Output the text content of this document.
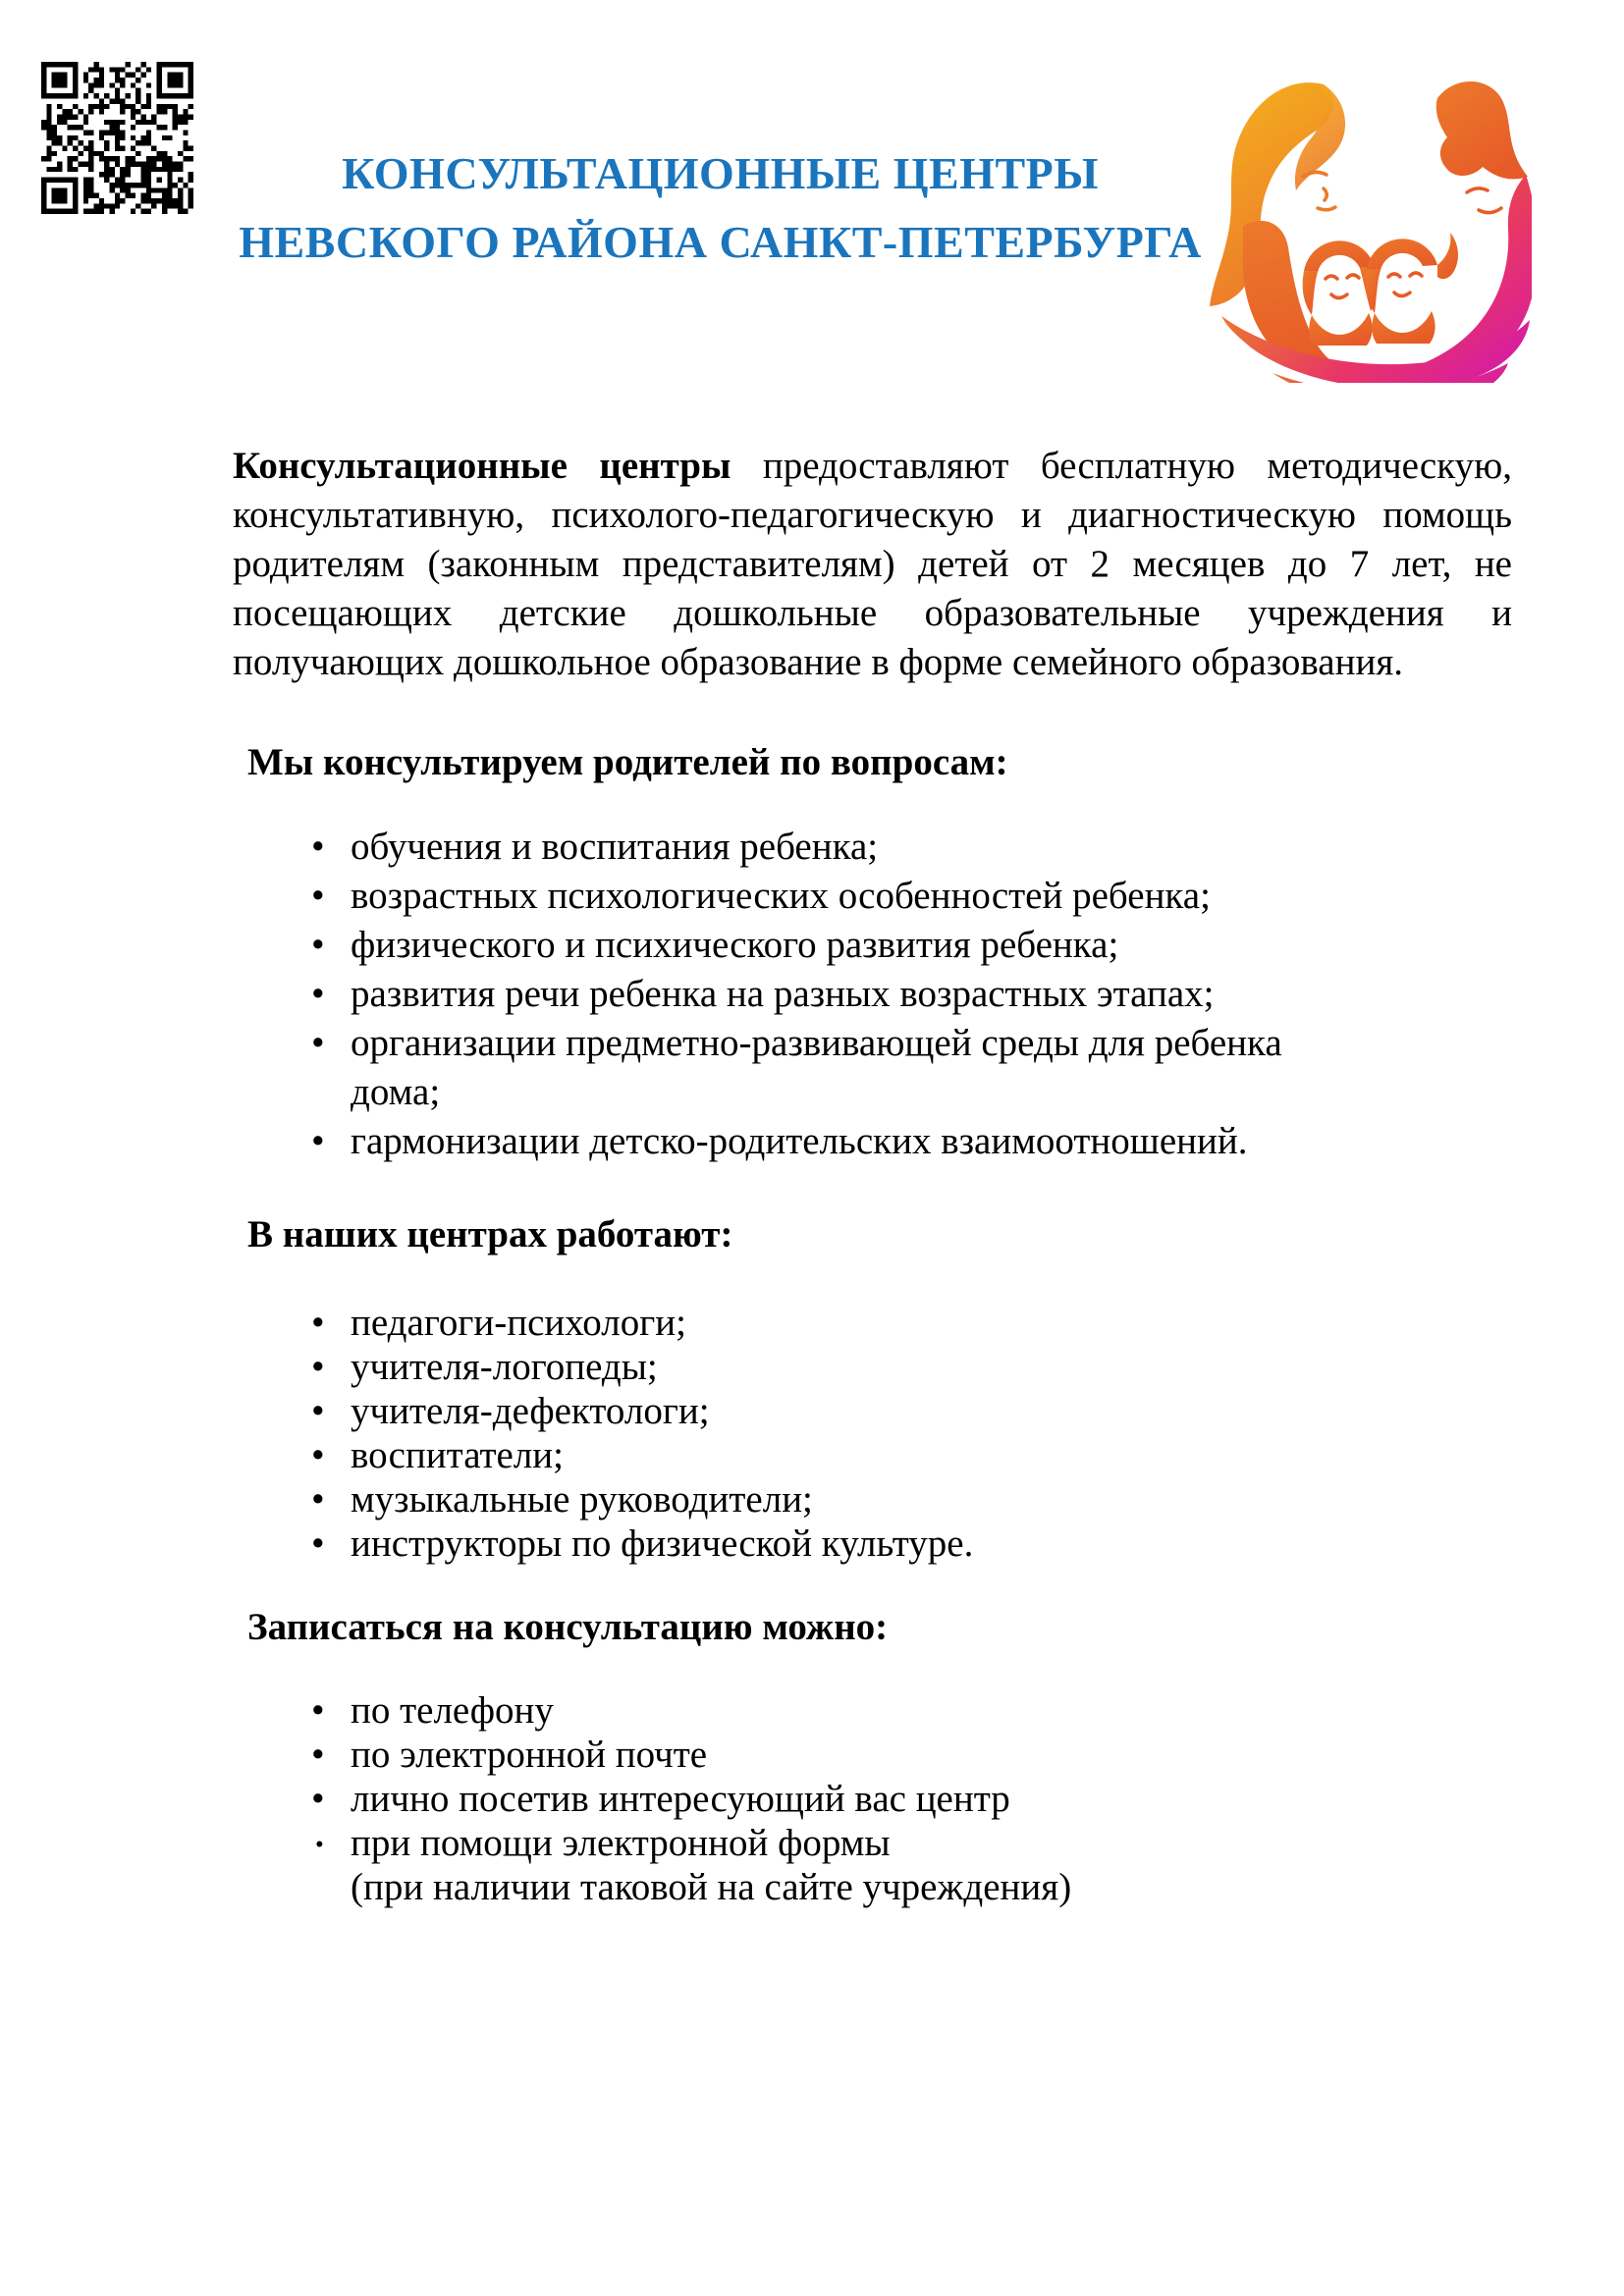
КОНСУЛЬТАЦИОННЫЕ ЦЕНТРЫ
НЕВСКОГО РАЙОНА САНКТ-ПЕТЕРБУРГА

Консультационные центры предоставляют бесплатную методическую, консультативную, психолого-педагогическую и диагностическую помощь родителям (законным представителям) детей от 2 месяцев до 7 лет, не посещающих детские дошкольные образовательные учреждения и получающих дошкольное образование в форме семейного образования.

Мы консультируем родителей по вопросам:
• обучения и воспитания ребенка;
• возрастных психологических особенностей ребенка;
• физического и психического развития ребенка;
• развития речи ребенка на разных возрастных этапах;
• организации предметно-развивающей среды для ребенка
дома;
• гармонизации детско-родительских взаимоотношений.
В наших центрах работают:
• педагоги-психологи;
• учителя-логопеды;
• учителя-дефектологи;
• воспитатели;
• музыкальные руководители;
• инструкторы по физической культуре.
Записаться на консультацию можно:
• по телефону
• по электронной почте
• лично посетив интересующий вас центр
• при помощи электронной формы
(при наличии таковой на сайте учреждения)
